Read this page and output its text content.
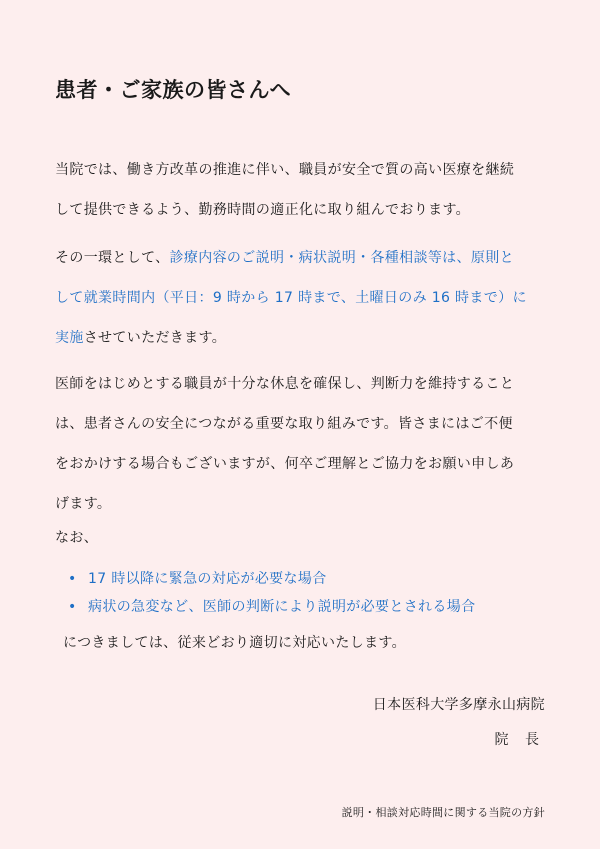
患者・ご家族の皆さんへ
当院では、働き方改革の推進に伴い、職員が安全で質の高い医療を継続
して提供できるよう、勤務時間の適正化に取り組んでおります。
その一環として、診療内容のご説明・病状説明・各種相談等は、原則と
して就業時間内（平日：9 時から 17 時まで、土曜日のみ 16 時まで）に
実施させていただきます。
医師をはじめとする職員が十分な休息を確保し、判断力を維持すること
は、患者さんの安全につながる重要な取り組みです。皆さまにはご不便
をおかけする場合もございますが、何卒ご理解とご協力をお願い申しあ
げます。
なお、
• 17 時以降に緊急の対応が必要な場合
• 病状の急変など、医師の判断により説明が必要とされる場合
につきましては、従来どおり適切に対応いたします。
日本医科大学多摩永山病院
院 長
説明・相談対応時間に関する当院の方針
